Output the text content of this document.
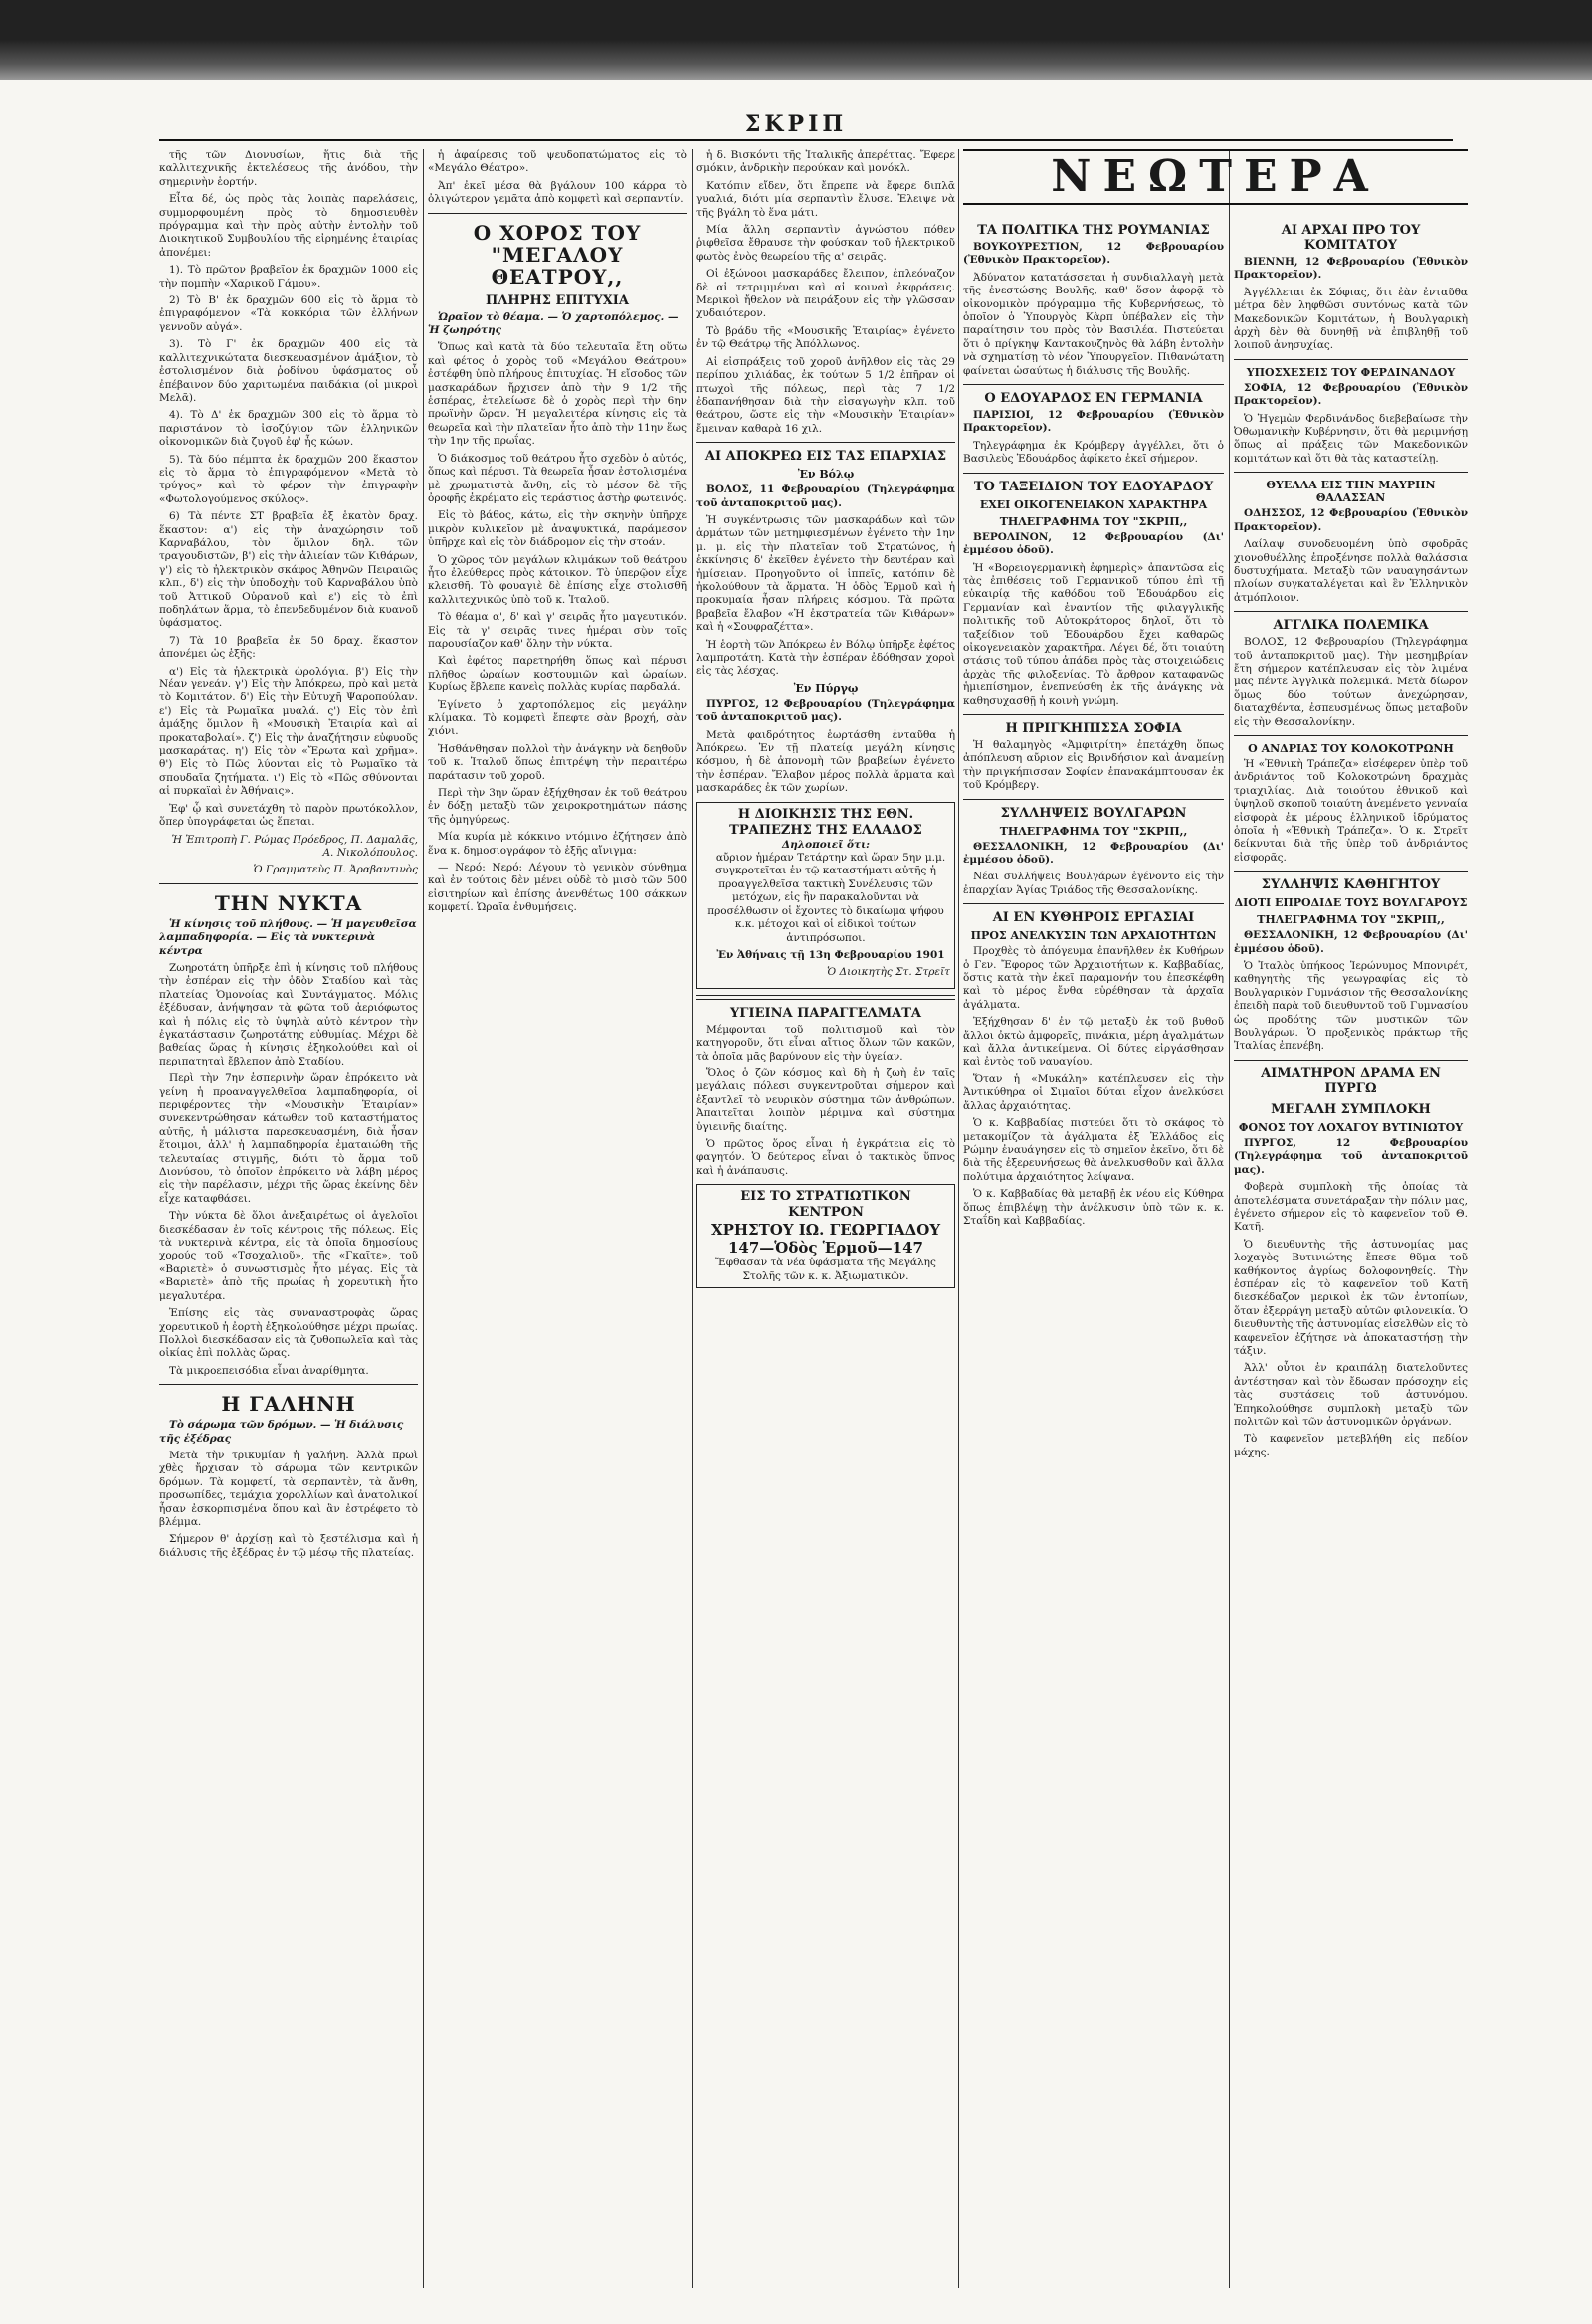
ΣΚΡΙΠ

τῆς τῶν Διονυσίων, ἥτις διὰ τῆς καλλιτεχνικῆς ἐκτελέσεως τῆς ἀνόδου, τὴν σημερινὴν ἑορτήν.

Εἶτα δέ, ὡς πρὸς τὰς λοιπὰς παρελάσεις, συμμορφουμένη πρὸς τὸ δημοσιευθὲν πρόγραμμα καὶ τὴν πρὸς αὐτὴν ἐντολὴν τοῦ Διοικητικοῦ Συμβουλίου τῆς εἰρημένης ἑταιρίας ἀπονέμει:

1). Τὸ πρῶτον βραβεῖον ἐκ δραχμῶν 1000 εἰς τὴν πομπὴν «Χαρικοῦ Γάμου».

2) Τὸ Β' ἐκ δραχμῶν 600 εἰς τὸ ἅρμα τὸ ἐπιγραφόμενον «Τὰ κοκκόρια τῶν ἑλλήνων γεννοῦν αὐγά».

3). Τὸ Γ' ἐκ δραχμῶν 400 εἰς τὰ καλλιτεχνικώτατα διεσκευασμένον ἀμάξιον, τὸ ἐστολισμένον διὰ ῥοδίνου ὑφάσματος οὗ ἐπέβαινον δύο χαριτωμένα παιδάκια (οἱ μικροὶ Μελᾶ).

4). Τὸ Δ' ἐκ δραχμῶν 300 εἰς τὸ ἅρμα τὸ παριστάνον τὸ ἰσοζύγιον τῶν ἑλληνικῶν οἰκονομικῶν διὰ ζυγοῦ ἐφ' ἧς κώων.

5). Τὰ δύο πέμπτα ἐκ δραχμῶν 200 ἕκαστον εἰς τὸ ἅρμα τὸ ἐπιγραφόμενον «Μετὰ τὸ τρύγος» καὶ τὸ φέρον τὴν ἐπιγραφὴν «Φωτολογούμενος σκύλος».

6) Τὰ πέντε ΣΤ βραβεῖα ἐξ ἑκατὸν δραχ. ἕκαστον: α') εἰς τὴν ἀναχώρησιν τοῦ Καρναβάλου, τὸν ὅμιλον δηλ. τῶν τραγουδιστῶν, β') εἰς τὴν ἁλιείαν τῶν Κιθάρων, γ') εἰς τὸ ἠλεκτρικὸν σκάφος Ἀθηνῶν Πειραιῶς κλπ., δ') εἰς τὴν ὑποδοχὴν τοῦ Καρναβάλου ὑπὸ τοῦ Ἀττικοῦ Οὐρανοῦ καὶ ε') εἰς τὸ ἐπὶ ποδηλάτων ἅρμα, τὸ ἐπενδεδυμένον διὰ κυανοῦ ὑφάσματος.

7) Τὰ 10 βραβεῖα ἐκ 50 δραχ. ἕκαστον ἀπονέμει ὡς ἑξῆς:

α') Εἰς τὰ ἠλεκτρικὰ ὡρολόγια. β') Εἰς τὴν Νέαν γενεάν. γ') Εἰς τὴν Ἀπόκρεω, πρὸ καὶ μετὰ τὸ Κομιτάτον. δ') Εἰς τὴν Εὐτυχῆ Ψαροπούλαν. ε') Εἰς τὰ Ρωμαῖκα μυαλά. ς') Εἰς τὸν ἐπὶ ἁμάξης ὅμιλον ἢ «Μουσικὴ Ἑταιρία καὶ αἱ προκαταβολαί». ζ') Εἰς τὴν ἀναζήτησιν εὐφυοῦς μασκαράτας. η') Εἰς τὸν «Ἔρωτα καὶ χρῆμα». θ') Εἰς τὸ Πῶς λύονται εἰς τὸ Ρωμαῖκο τὰ σπουδαῖα ζητήματα. ι') Εἰς τὸ «Πῶς σθύνονται αἱ πυρκαϊαὶ ἐν Ἀθήναις».

Ἐφ' ᾧ καὶ συνετάχθη τὸ παρὸν πρωτόκολλον, ὅπερ ὑπογράφεται ὡς ἕπεται.

Ἡ Ἐπιτροπὴ Γ. Ρώμας Πρόεδρος, Π. Δαμαλᾶς, Α. Νικολόπουλος.

Ὁ Γραμματεὺς Π. Ἀραβαντινὸς

ΤΗΝ ΝΥΚΤΑ

Ἡ κίνησις τοῦ πλήθους. — Ἡ μαγευθεῖσα λαμπαδηφορία. — Εἰς τὰ νυκτερινὰ κέντρα

Ζωηροτάτη ὑπῆρξε ἐπὶ ἡ κίνησις τοῦ πλήθους τὴν ἑσπέραν εἰς τὴν ὁδὸν Σταδίου καὶ τὰς πλατείας Ὁμονοίας καὶ Συντάγματος. Μόλις ἐξέδυσαν, ἀνήψησαν τὰ φῶτα τοῦ ἀεριόφωτος καὶ ἡ πόλις εἰς τὸ ὑψηλὰ αὐτὸ κέντρον τὴν ἐγκατάστασιν ζωηροτάτης εὐθυμίας. Μέχρι δὲ βαθείας ὥρας ἡ κίνησις ἐξηκολούθει καὶ οἱ περιπατηταὶ ἔβλεπον ἀπὸ Σταδίου.

Περὶ τὴν 7ην ἑσπερινὴν ὥραν ἐπρόκειτο νὰ γείνη ἡ προαναγγελθεῖσα λαμπαδηφορία, οἱ περιφέροντες τὴν «Μουσικὴν Ἑταιρίαν» συνεκεντρώθησαν κάτωθεν τοῦ καταστήματος αὐτῆς, ἡ μάλιστα παρεσκευασμένη, διὰ ἦσαν ἕτοιμοι, ἀλλ' ἡ λαμπαδηφορία ἐματαιώθη τῆς τελευταίας στιγμῆς, διότι τὸ ἅρμα τοῦ Διονύσου, τὸ ὁποῖον ἐπρόκειτο νὰ λάβη μέρος εἰς τὴν παρέλασιν, μέχρι τῆς ὥρας ἐκείνης δὲν εἶχε καταφθάσει.

Τὴν νύκτα δὲ ὅλοι ἀνεξαιρέτως οἱ ἀγελοῖοι διεσκέδασαν ἐν τοῖς κέντροις τῆς πόλεως. Εἰς τὰ νυκτερινὰ κέντρα, εἰς τὰ ὁποῖα δημοσίους χορούς τοῦ «Τσοχαλιοῦ», τῆς «Γκαῖτε», τοῦ «Βαριετὲ» ὁ συνωστισμὸς ἦτο μέγας. Εἰς τὰ «Βαριετὲ» ἀπὸ τῆς πρωίας ἡ χορευτικὴ ἦτο μεγαλυτέρα.

Ἐπίσης εἰς τὰς συναναστροφὰς ὥρας χορευτικοῦ ἡ ἐορτὴ ἐξηκολούθησε μέχρι πρωίας. Πολλοὶ διεσκέδασαν εἰς τὰ ζυθοπωλεῖα καὶ τὰς οἰκίας ἐπὶ πολλὰς ὥρας.

Τὰ μικροεπεισόδια εἶναι ἀναρίθμητα.

Η ΓΑΛΗΝΗ

Τὸ σάρωμα τῶν δρόμων. — Ἡ διάλυσις τῆς ἑξέδρας

Μετὰ τὴν τρικυμίαν ἡ γαλήνη. Ἀλλὰ πρωὶ χθὲς ἤρχισαν τὸ σάρωμα τῶν κεντρικῶν δρόμων. Τὰ κομφετί, τὰ σερπαντὲν, τὰ ἄνθη, προσωπίδες, τεμάχια χορολλίων καὶ ἀνατολικοί ἦσαν ἐσκορπισμένα ὅπου καὶ ἂν ἐστρέφετο τὸ βλέμμα.

Σήμερον θ' ἀρχίσῃ καὶ τὸ ξεστέλισμα καὶ ἡ διάλυσις τῆς ἑξέδρας ἐν τῷ μέσῳ τῆς πλατείας.

ἡ ἀφαίρεσις τοῦ ψευδοπατώματος εἰς τὸ «Μεγάλο Θέατρο».

Ἀπ' ἐκεῖ μέσα θὰ βγάλουν 100 κάρρα τὸ ὀλιγώτερον γεμᾶτα ἀπὸ κομφετὶ καὶ σερπαντίν.

Ο ΧΟΡΟΣ ΤΟΥ "ΜΕΓΑΛΟΥ ΘΕΑΤΡΟΥ,,
ΠΛΗΡΗΣ ΕΠΙΤΥΧΙΑ

Ὡραῖον τὸ θέαμα. — Ὁ χαρτοπόλεμος. — Ἡ ζωηρότης

Ὅπως καὶ κατὰ τὰ δύο τελευταῖα ἔτη οὕτω καὶ φέτος ὁ χορὸς τοῦ «Μεγάλου Θεάτρου» ἐστέφθη ὑπὸ πλήρους ἐπιτυχίας. Ἡ εἴσοδος τῶν μασκαράδων ἤρχισεν ἀπὸ τὴν 9 1/2 τῆς ἑσπέρας, ἐτελείωσε δὲ ὁ χορὸς περὶ τὴν 6ην πρωϊνὴν ὥραν. Ἡ μεγαλειτέρα κίνησις εἰς τὰ θεωρεῖα καὶ τὴν πλατεῖαν ἦτο ἀπὸ τὴν 11ην ἕως τὴν 1ην τῆς πρωΐας.

Ὁ διάκοσμος τοῦ θεάτρου ἦτο σχεδὸν ὁ αὐτός, ὅπως καὶ πέρυσι. Τὰ θεωρεῖα ἦσαν ἐστολισμένα μὲ χρωματιστὰ ἄνθη, εἰς τὸ μέσον δὲ τῆς ὀροφῆς ἐκρέματο εἰς τεράστιος ἀστὴρ φωτεινός.

Εἰς τὸ βάθος, κάτω, εἰς τὴν σκηνὴν ὑπῆρχε μικρὸν κυλικεῖον μὲ ἀναψυκτικά, παράμεσον ὑπῆρχε καὶ εἰς τὸν διάδρομον εἰς τὴν στοάν.

Ὁ χῶρος τῶν μεγάλων κλιμάκων τοῦ θεάτρου ἦτο ἐλεύθερος πρὸς κάτοικον. Τὸ ὑπερῷον εἶχε κλεισθῆ. Τὸ φουαγιὲ δὲ ἐπίσης εἶχε στολισθῆ καλλιτεχνικῶς ὑπὸ τοῦ κ. Ἰταλοῦ.

Τὸ θέαμα α', δ' καὶ γ' σειρᾶς ἦτο μαγευτικόν. Εἰς τὰ γ' σειρᾶς τινες ἡμέραι σὺν τοῖς παρουσίαζον καθ' ὅλην τὴν νύκτα.

Καὶ ἐφέτος παρετηρήθη ὅπως καὶ πέρυσι πλῆθος ὡραίων κοστουμιῶν καὶ ὡραίων. Κυρίως ἔβλεπε κανεὶς πολλὰς κυρίας παρδαλά.

Ἐγίνετο ὁ χαρτοπόλεμος εἰς μεγάλην κλίμακα. Τὸ κομφετὶ ἔπεφτε σὰν βροχή, σὰν χιόνι.

Ἠσθάνθησαν πολλοὶ τὴν ἀνάγκην νὰ δεηθοῦν τοῦ κ. Ἰταλοῦ ὅπως ἐπιτρέψη τὴν περαιτέρω παράτασιν τοῦ χοροῦ.

Περὶ τὴν 3ην ὥραν ἐξήχθησαν ἐκ τοῦ θεάτρου ἐν δόξῃ μεταξὺ τῶν χειροκροτημάτων πάσης τῆς ὁμηγύρεως.

Μία κυρία μὲ κόκκινο ντόμινο ἐζήτησεν ἀπὸ ἕνα κ. δημοσιογράφον τὸ ἑξῆς αἴνιγμα:

— Νερό: Νερό: Λέγουν τὸ γενικὸν σύνθημα καὶ ἐν τούτοις δὲν μένει οὐδὲ τὸ μισὸ τῶν 500 εἰσιτηρίων καὶ ἐπίσης ἀνενθέτως 100 σάκκων κομφετί. Ὡραῖα ἐνθυμήσεις.

ἡ δ. Βισκόντι τῆς Ἰταλικῆς ἀπερέττας. Ἔφερε σμόκιν, ἀνδρικὴν περούκαν καὶ μονόκλ.

Κατόπιν εἴδεν, ὅτι ἔπρεπε νὰ ἔφερε διπλᾶ γυαλιά, διότι μία σερπαντὶν ἔλυσε. Ἐλειψε νὰ τῆς βγάλη τὸ ἕνα μάτι.

Μία ἄλλη σερπαντὶν ἀγνώστου πόθεν ῥιφθεῖσα ἔθραυσε τὴν φούσκαν τοῦ ἠλεκτρικοῦ φωτὸς ἐνὸς θεωρείου τῆς α' σειρᾶς.

Οἱ ἐξώνοοι μασκαράδες ἔλειπον, ἐπλεόναζον δὲ αἱ τετριμμέναι καὶ αἱ κοιναὶ ἐκφράσεις. Μερικοὶ ἤθελον νὰ πειράξουν εἰς τὴν γλῶσσαν χυδαιότερον.

Τὸ βράδυ τῆς «Μουσικῆς Ἑταιρίας» ἐγένετο ἐν τῷ Θεάτρῳ τῆς Ἀπόλλωνος.

Αἱ εἰσπράξεις τοῦ χοροῦ ἀνῆλθον εἰς τὰς 29 περίπου χιλιάδας, ἐκ τούτων 5 1/2 ἐπῆραν οἱ πτωχοὶ τῆς πόλεως, περὶ τὰς 7 1/2 ἐδαπανήθησαν διὰ τὴν εἰσαγωγὴν κλπ. τοῦ θεάτρου, ὥστε εἰς τὴν «Μουσικὴν Ἑταιρίαν» ἔμειναν καθαρὰ 16 χιλ.

ΑΙ ΑΠΟΚΡΕΩ ΕΙΣ ΤΑΣ ΕΠΑΡΧΙΑΣ
Ἐν Βόλῳ

ΒΟΛΟΣ, 11 Φεβρουαρίου (Τηλεγράφημα τοῦ ἀνταποκριτοῦ μας).

Ἡ συγκέντρωσις τῶν μασκαράδων καὶ τῶν ἁρμάτων τῶν μετημφιεσμένων ἐγένετο τὴν 1ην μ. μ. εἰς τὴν πλατεῖαν τοῦ Στρατώνος, ἡ ἐκκίνησις δ' ἐκεῖθεν ἐγένετο τὴν δευτέραν καὶ ἡμίσειαν. Προηγοῦντο οἱ ἱππεῖς, κατόπιν δὲ ἠκολούθουν τὰ ἅρματα. Ἡ ὁδὸς Ἑρμοῦ καὶ ἡ προκυμαία ἦσαν πλήρεις κόσμου. Τὰ πρῶτα βραβεῖα ἔλαβον «Ἡ ἐκστρατεία τῶν Κιθάρων» καὶ ἡ «Σουφραζέττα».

Ἡ ἑορτὴ τῶν Ἀπόκρεω ἐν Βόλῳ ὑπῆρξε ἐφέτος λαμπροτάτη. Κατὰ τὴν ἑσπέραν ἐδόθησαν χοροὶ εἰς τὰς λέσχας.

Ἐν Πύργῳ

ΠΥΡΓΟΣ, 12 Φεβρουαρίου (Τηλεγράφημα τοῦ ἀνταποκριτοῦ μας).

Μετὰ φαιδρότητος ἑωρτάσθη ἐνταῦθα ἡ Ἀπόκρεω. Ἐν τῇ πλατείᾳ μεγάλη κίνησις κόσμου, ἡ δὲ ἀπονομὴ τῶν βραβείων ἐγένετο τὴν ἑσπέραν. Ἔλαβον μέρος πολλὰ ἅρματα καὶ μασκαράδες ἐκ τῶν χωρίων.

Η ΔΙΟΙΚΗΣΙΣ ΤΗΣ ΕΘΝ. ΤΡΑΠΕΖΗΣ ΤΗΣ ΕΛΛΑΔΟΣ
Δηλοποιεῖ ὅτι:

αὔριον ἡμέραν Τετάρτην καὶ ὥραν 5ην μ.μ. συγκροτεῖται ἐν τῷ καταστήματι αὐτῆς ἡ προαγγελθεῖσα τακτικὴ Συνέλευσις τῶν μετόχων, εἰς ἣν παρακαλοῦνται νὰ προσέλθωσιν οἱ ἔχοντες τὸ δικαίωμα ψήφου κ.κ. μέτοχοι καὶ οἱ εἰδικοὶ τούτων ἀντιπρόσωποι.

Ἐν Ἀθήναις τῇ 13η Φεβρουαρίου 1901

Ὁ Διοικητὴς Στ. Στρεῖτ

ΥΓΙΕΙΝΑ ΠΑΡΑΓΓΕΛΜΑΤΑ

Μέμφονται τοῦ πολιτισμοῦ καὶ τὸν κατηγοροῦν, ὅτι εἶναι αἴτιος ὅλων τῶν κακῶν, τὰ ὁποῖα μᾶς βαρύνουν εἰς τὴν ὑγείαν.

Ὅλος ὁ ζῶν κόσμος καὶ δὴ ἡ ζωὴ ἐν ταῖς μεγάλαις πόλεσι συγκεντροῦται σήμερον καὶ ἐξαντλεῖ τὸ νευρικὸν σύστημα τῶν ἀνθρώπων. Ἀπαιτεῖται λοιπὸν μέριμνα καὶ σύστημα ὑγιεινῆς διαίτης.

Ὁ πρῶτος ὅρος εἶναι ἡ ἐγκράτεια εἰς τὸ φαγητόν. Ὁ δεύτερος εἶναι ὁ τακτικὸς ὕπνος καὶ ἡ ἀνάπαυσις.

ΕΙΣ ΤΟ ΣΤΡΑΤΙΩΤΙΚΟΝ ΚΕΝΤΡΟΝ
ΧΡΗΣΤΟΥ ΙΩ. ΓΕΩΡΓΙΑΔΟΥ
147—Ὁδὸς Ἑρμοῦ—147
Ἔφθασαν τὰ νέα ὑφάσματα τῆς Μεγάλης Στολῆς τῶν κ. κ. Ἀξιωματικῶν.
ΝΕΩΤΕΡΑ
ΤΑ ΠΟΛΙΤΙΚΑ ΤΗΣ ΡΟΥΜΑΝΙΑΣ

ΒΟΥΚΟΥΡΕΣΤΙΟΝ, 12 Φεβρουαρίου (Ἐθνικὸν Πρακτορεῖον).

Ἀδύνατον κατατάσσεται ἡ συνδιαλλαγὴ μετὰ τῆς ἐνεστώσης Βουλῆς, καθ' ὅσον ἀφορᾷ τὸ οἰκονομικὸν πρόγραμμα τῆς Κυβερνήσεως, τὸ ὁποῖον ὁ Ὑπουργὸς Κὰρπ ὑπέβαλεν εἰς τὴν παραίτησιν του πρὸς τὸν Βασιλέα. Πιστεύεται ὅτι ὁ πρίγκηψ Καντακουζηνὸς θὰ λάβη ἐντολὴν νὰ σχηματίσῃ τὸ νέον Ὑπουργεῖον. Πιθανώτατη φαίνεται ὡσαύτως ἡ διάλυσις τῆς Βουλῆς.

Ο ΕΔΟΥΑΡΔΟΣ ΕΝ ΓΕΡΜΑΝΙΑ

ΠΑΡΙΣΙΟΙ, 12 Φεβρουαρίου (Ἐθνικὸν Πρακτορεῖον).

Τηλεγράφημα ἐκ Κρόμβεργ ἀγγέλλει, ὅτι ὁ Βασιλεὺς Ἐδουάρδος ἀφίκετο ἐκεῖ σήμερον.

ΤΟ ΤΑΞΕΙΔΙΟΝ ΤΟΥ ΕΔΟΥΑΡΔΟΥ
ΕΧΕΙ ΟΙΚΟΓΕΝΕΙΑΚΟΝ ΧΑΡΑΚΤΗΡΑ
ΤΗΛΕΓΡΑΦΗΜΑ ΤΟΥ "ΣΚΡΙΠ,,

ΒΕΡΟΛΙΝΟΝ, 12 Φεβρουαρίου (Δι' ἐμμέσου ὁδοῦ).

Ἡ «Βορειογερμανικὴ ἐφημερὶς» ἀπαντῶσα εἰς τὰς ἐπιθέσεις τοῦ Γερμανικοῦ τύπου ἐπὶ τῇ εὐκαιρίᾳ τῆς καθόδου τοῦ Ἐδουάρδου εἰς Γερμανίαν καὶ ἐναντίον τῆς φιλαγγλικῆς πολιτικῆς τοῦ Αὐτοκράτορος δηλοῖ, ὅτι τὸ ταξείδιον τοῦ Ἐδουάρδου ἔχει καθαρῶς οἰκογενειακὸν χαρακτῆρα. Λέγει δέ, ὅτι τοιαύτη στάσις τοῦ τύπου ἀπάδει πρὸς τὰς στοιχειώδεις ἀρχὰς τῆς φιλοξενίας. Τὸ ἄρθρον καταφανῶς ἡμιεπίσημον, ἐνεπνεύσθη ἐκ τῆς ἀνάγκης νὰ καθησυχασθῇ ἡ κοινὴ γνώμη.

Η ΠΡΙΓΚΗΠΙΣΣΑ ΣΟΦΙΑ

Ἡ θαλαμηγὸς «Ἀμφιτρίτη» ἐπετάχθη ὅπως ἀπόπλευση αὔριον εἰς Βρινδήσιον καὶ ἀναμείνῃ τὴν πριγκήπισσαν Σοφίαν ἐπανακάμπτουσαν ἐκ τοῦ Κρόμβεργ.

ΣΥΛΛΗΨΕΙΣ ΒΟΥΛΓΑΡΩΝ
ΤΗΛΕΓΡΑΦΗΜΑ ΤΟΥ "ΣΚΡΙΠ,,

ΘΕΣΣΑΛΟΝΙΚΗ, 12 Φεβρουαρίου (Δι' ἐμμέσου ὁδοῦ).

Νέαι συλλήψεις Βουλγάρων ἐγένοντο εἰς τὴν ἐπαρχίαν Ἁγίας Τριάδος τῆς Θεσσαλονίκης.

ΑΙ ΕΝ ΚΥΘΗΡΟΙΣ ΕΡΓΑΣΙΑΙ
ΠΡΟΣ ΑΝΕΛΚΥΣΙΝ ΤΩΝ ΑΡΧΑΙΟΤΗΤΩΝ

Προχθὲς τὸ ἀπόγευμα ἐπανῆλθεν ἐκ Κυθήρων ὁ Γεν. Ἔφορος τῶν Ἀρχαιοτήτων κ. Καββαδίας, ὅστις κατὰ τὴν ἐκεῖ παραμονήν του ἐπεσκέφθη καὶ τὸ μέρος ἔνθα εὑρέθησαν τὰ ἀρχαῖα ἀγάλματα.

Ἐξήχθησαν δ' ἐν τῷ μεταξὺ ἐκ τοῦ βυθοῦ ἄλλοι ὀκτὼ ἀμφορεῖς, πινάκια, μέρη ἀγαλμάτων καὶ ἄλλα ἀντικείμενα. Οἱ δύτες εἰργάσθησαν καὶ ἐντὸς τοῦ ναυαγίου.

Ὅταν ἡ «Μυκάλη» κατέπλευσεν εἰς τὴν Ἀντικύθηρα οἱ Σιμαῖοι δύται εἶχον ἀνελκύσει ἄλλας ἀρχαιότητας.

Ὁ κ. Καββαδίας πιστεύει ὅτι τὸ σκάφος τὸ μετακομίζον τὰ ἀγάλματα ἐξ Ἑλλάδος εἰς Ρώμην ἐναυάγησεν εἰς τὸ σημεῖον ἐκεῖνο, ὅτι δὲ διὰ τῆς ἐξερευνήσεως θὰ ἀνελκυσθοῦν καὶ ἄλλα πολύτιμα ἀρχαιότητος λείψανα.

Ὁ κ. Καββαδίας θὰ μεταβῇ ἐκ νέου εἰς Κύθηρα ὅπως ἐπιβλέψῃ τὴν ἀνέλκυσιν ὑπὸ τῶν κ. κ. Σταΐδη καὶ Καββαδίας.

ΑΙ ΑΡΧΑΙ ΠΡΟ ΤΟΥ ΚΟΜΙΤΑΤΟΥ

ΒΙΕΝΝΗ, 12 Φεβρουαρίου (Ἐθνικὸν Πρακτορεῖον).

Ἀγγέλλεται ἐκ Σόφιας, ὅτι ἐὰν ἐνταῦθα μέτρα δὲν ληφθῶσι συντόνως κατὰ τῶν Μακεδονικῶν Κομιτάτων, ἡ Βουλγαρικὴ ἀρχὴ δὲν θὰ δυνηθῇ νὰ ἐπιβληθῇ τοῦ λοιποῦ ἀνησυχίας.

ΥΠΟΣΧΕΣΕΙΣ ΤΟΥ ΦΕΡΔΙΝΑΝΔΟΥ

ΣΟΦΙΑ, 12 Φεβρουαρίου (Ἐθνικὸν Πρακτορεῖον).

Ὁ Ἡγεμὼν Φερδινάνδος διεβεβαίωσε τὴν Ὀθωμανικὴν Κυβέρνησιν, ὅτι θὰ μεριμνήσῃ ὅπως αἱ πράξεις τῶν Μακεδονικῶν κομιτάτων καὶ ὅτι θὰ τὰς καταστείλῃ.

ΘΥΕΛΛΑ ΕΙΣ ΤΗΝ ΜΑΥΡΗΝ ΘΑΛΑΣΣΑΝ

ΟΔΗΣΣΟΣ, 12 Φεβρουαρίου (Ἐθνικὸν Πρακτορεῖον).

Λαίλαψ συνοδευομένη ὑπὸ σφοδρᾶς χιονοθυέλλης ἐπροξένησε πολλὰ θαλάσσια δυστυχήματα. Μεταξὺ τῶν ναυαγησάντων πλοίων συγκαταλέγεται καὶ ἓν Ἑλληνικὸν ἀτμόπλοιον.

ΑΓΓΛΙΚΑ ΠΟΛΕΜΙΚΑ

ΒΟΛΟΣ, 12 Φεβρουαρίου (Τηλεγράφημα τοῦ ἀνταποκριτοῦ μας). Τὴν μεσημβρίαν ἔτη σήμερον κατέπλευσαν εἰς τὸν λιμένα μας πέντε Ἀγγλικὰ πολεμικά. Μετὰ δίωρον ὅμως δύο τούτων ἀνεχώρησαν, διαταχθέντα, ἐσπευσμένως ὅπως μεταβοῦν εἰς τὴν Θεσσαλονίκην.

Ο ΑΝΔΡΙΑΣ ΤΟΥ ΚΟΛΟΚΟΤΡΩΝΗ

Ἡ «Ἐθνικὴ Τράπεζα» εἰσέφερεν ὑπὲρ τοῦ ἀνδριάντος τοῦ Κολοκοτρώνη δραχμὰς τριαχιλίας. Διὰ τοιούτου ἐθνικοῦ καὶ ὑψηλοῦ σκοποῦ τοιαύτη ἀνεμένετο γενναία εἰσφορὰ ἐκ μέρους ἑλληνικοῦ ἱδρύματος ὁποῖα ἡ «Ἐθνικὴ Τράπεζα». Ὁ κ. Στρεῖτ δείκνυται διὰ τῆς ὑπὲρ τοῦ ἀνδριάντος εἰσφορᾶς.

ΣΥΛΛΗΨΙΣ ΚΑΘΗΓΗΤΟΥ
ΔΙΟΤΙ ΕΠΡΟΔΙΔΕ ΤΟΥΣ ΒΟΥΛΓΑΡΟΥΣ
ΤΗΛΕΓΡΑΦΗΜΑ ΤΟΥ "ΣΚΡΙΠ,,

ΘΕΣΣΑΛΟΝΙΚΗ, 12 Φεβρουαρίου (Δι' ἐμμέσου ὁδοῦ).

Ὁ Ἰταλὸς ὑπήκοος Ἱερώνυμος Μπονιρέτ, καθηγητὴς τῆς γεωγραφίας εἰς τὸ Βουλγαρικὸν Γυμνάσιον τῆς Θεσσαλονίκης ἐπειδὴ παρὰ τοῦ διευθυντοῦ τοῦ Γυμνασίου ὡς προδότης τῶν μυστικῶν τῶν Βουλγάρων. Ὁ προξενικὸς πράκτωρ τῆς Ἰταλίας ἐπενέβη.

ΑΙΜΑΤΗΡΟΝ ΔΡΑΜΑ ΕΝ ΠΥΡΓΩ
ΜΕΓΑΛΗ ΣΥΜΠΛΟΚΗ
ΦΟΝΟΣ ΤΟΥ ΛΟΧΑΓΟΥ ΒΥΤΙΝΙΩΤΟΥ

ΠΥΡΓΟΣ, 12 Φεβρουαρίου (Τηλεγράφημα τοῦ ἀνταποκριτοῦ μας).

Φοβερὰ συμπλοκὴ τῆς ὁποίας τὰ ἀποτελέσματα συνετάραξαν τὴν πόλιν μας, ἐγένετο σήμερον εἰς τὸ καφενεῖον τοῦ Θ. Κατῆ.

Ὁ διευθυντὴς τῆς ἀστυνομίας μας λοχαγὸς Βυτινιώτης ἔπεσε θῦμα τοῦ καθήκοντος ἀγρίως δολοφονηθείς. Τὴν ἑσπέραν εἰς τὸ καφενεῖον τοῦ Κατῆ διεσκέδαζον μερικοὶ ἐκ τῶν ἐντοπίων, ὅταν ἐξερράγη μεταξὺ αὐτῶν φιλονεικία. Ὁ διευθυντὴς τῆς ἀστυνομίας εἰσελθὼν εἰς τὸ καφενεῖον ἐζήτησε νὰ ἀποκαταστήσῃ τὴν τάξιν.

Ἀλλ' οὗτοι ἐν κραιπάλῃ διατελοῦντες ἀντέστησαν καὶ τὸν ἔδωσαν πρόσοχην εἰς τὰς συστάσεις τοῦ ἀστυνόμου. Ἐπηκολούθησε συμπλοκὴ μεταξὺ τῶν πολιτῶν καὶ τῶν ἀστυνομικῶν ὀργάνων.

Τὸ καφενεῖον μετεβλήθη εἰς πεδίον μάχης.
